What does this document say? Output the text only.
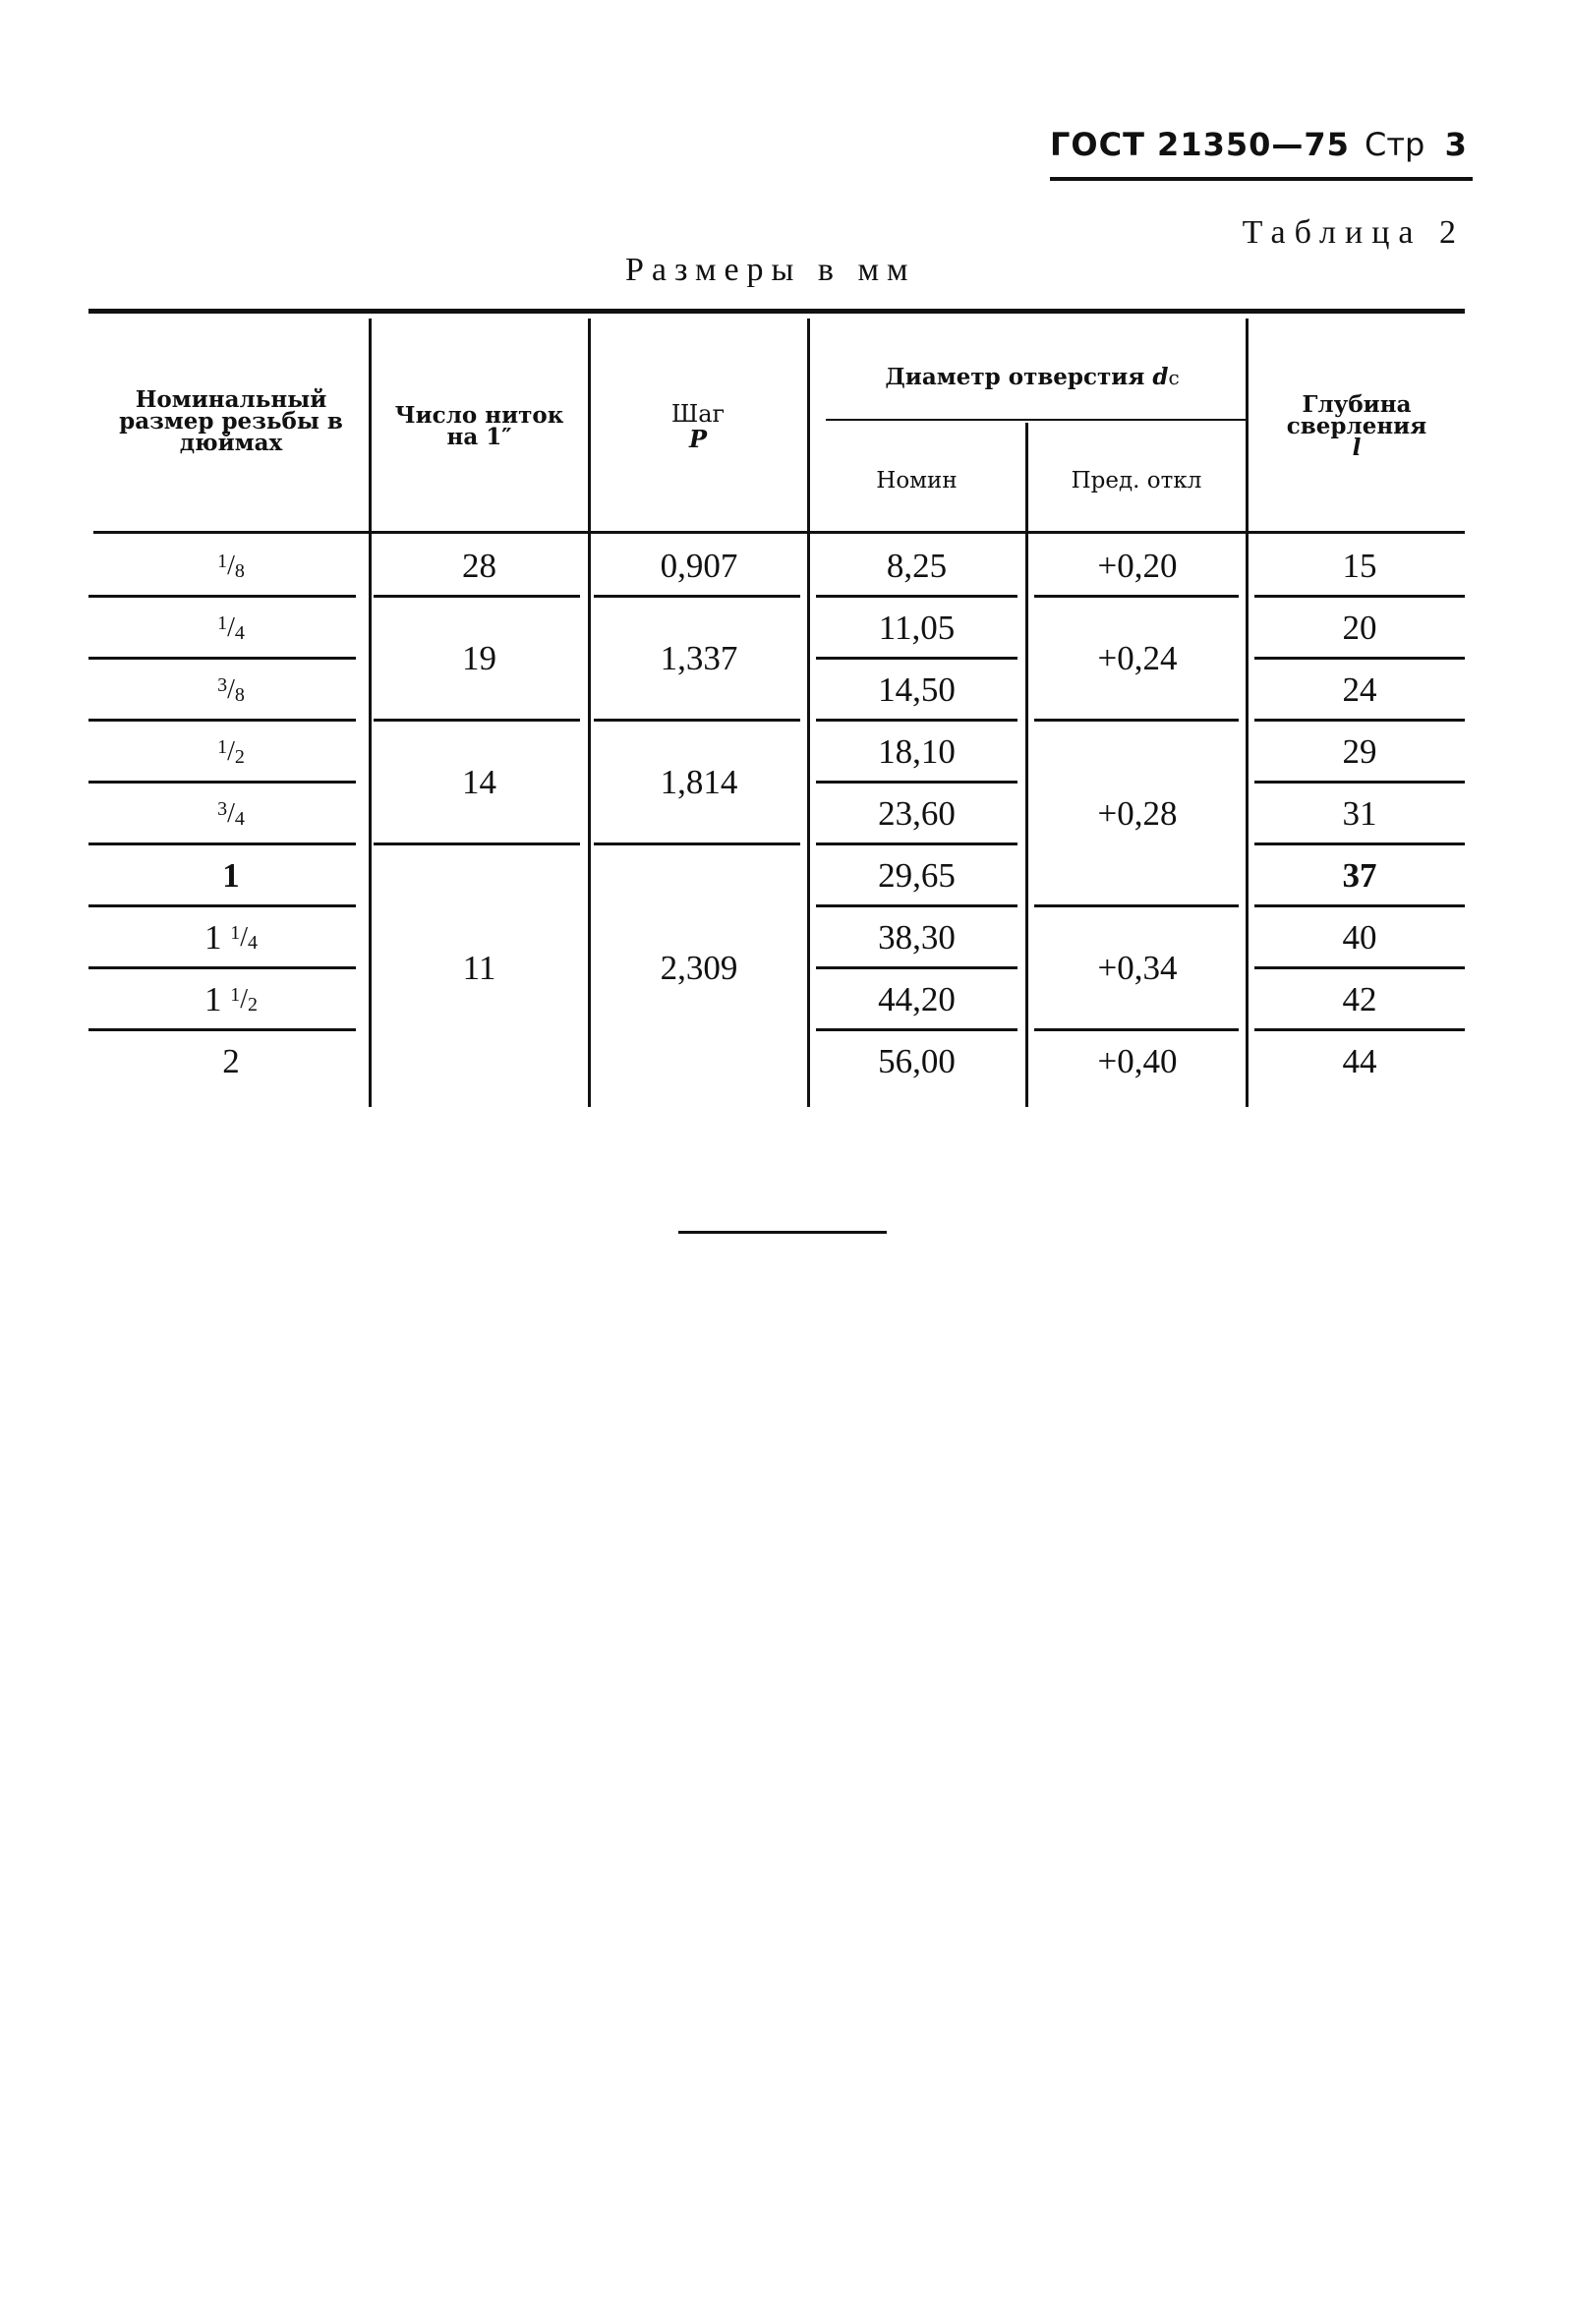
ГОСТ 21350—75 Стр 3
Таблица 2
Размеры в мм
Номинальный размер резьбы в дюймах
Число ниток на 1″
Шаг
P
Диаметр отверстия
d с
Номин	Пред. откл
Глубина сверления
l
$^1$ $/_8$
$^1$ $/_4$
$^3$ $/_8$
$^1$ $/_2$
$^3$ $/_4$
1
1
$^1$ $/_4$
1
$^1$ $/_2$
2
28
19
14
11
0,907
1,337
1,814
2,309
8,25
11,05
14,50
18,10
23,60
29,65
38,30
44,20
56,00
+0,20
+0,24
+0,28
+0,34
+0,40
15
20
24
29
31
37
40
42
44
